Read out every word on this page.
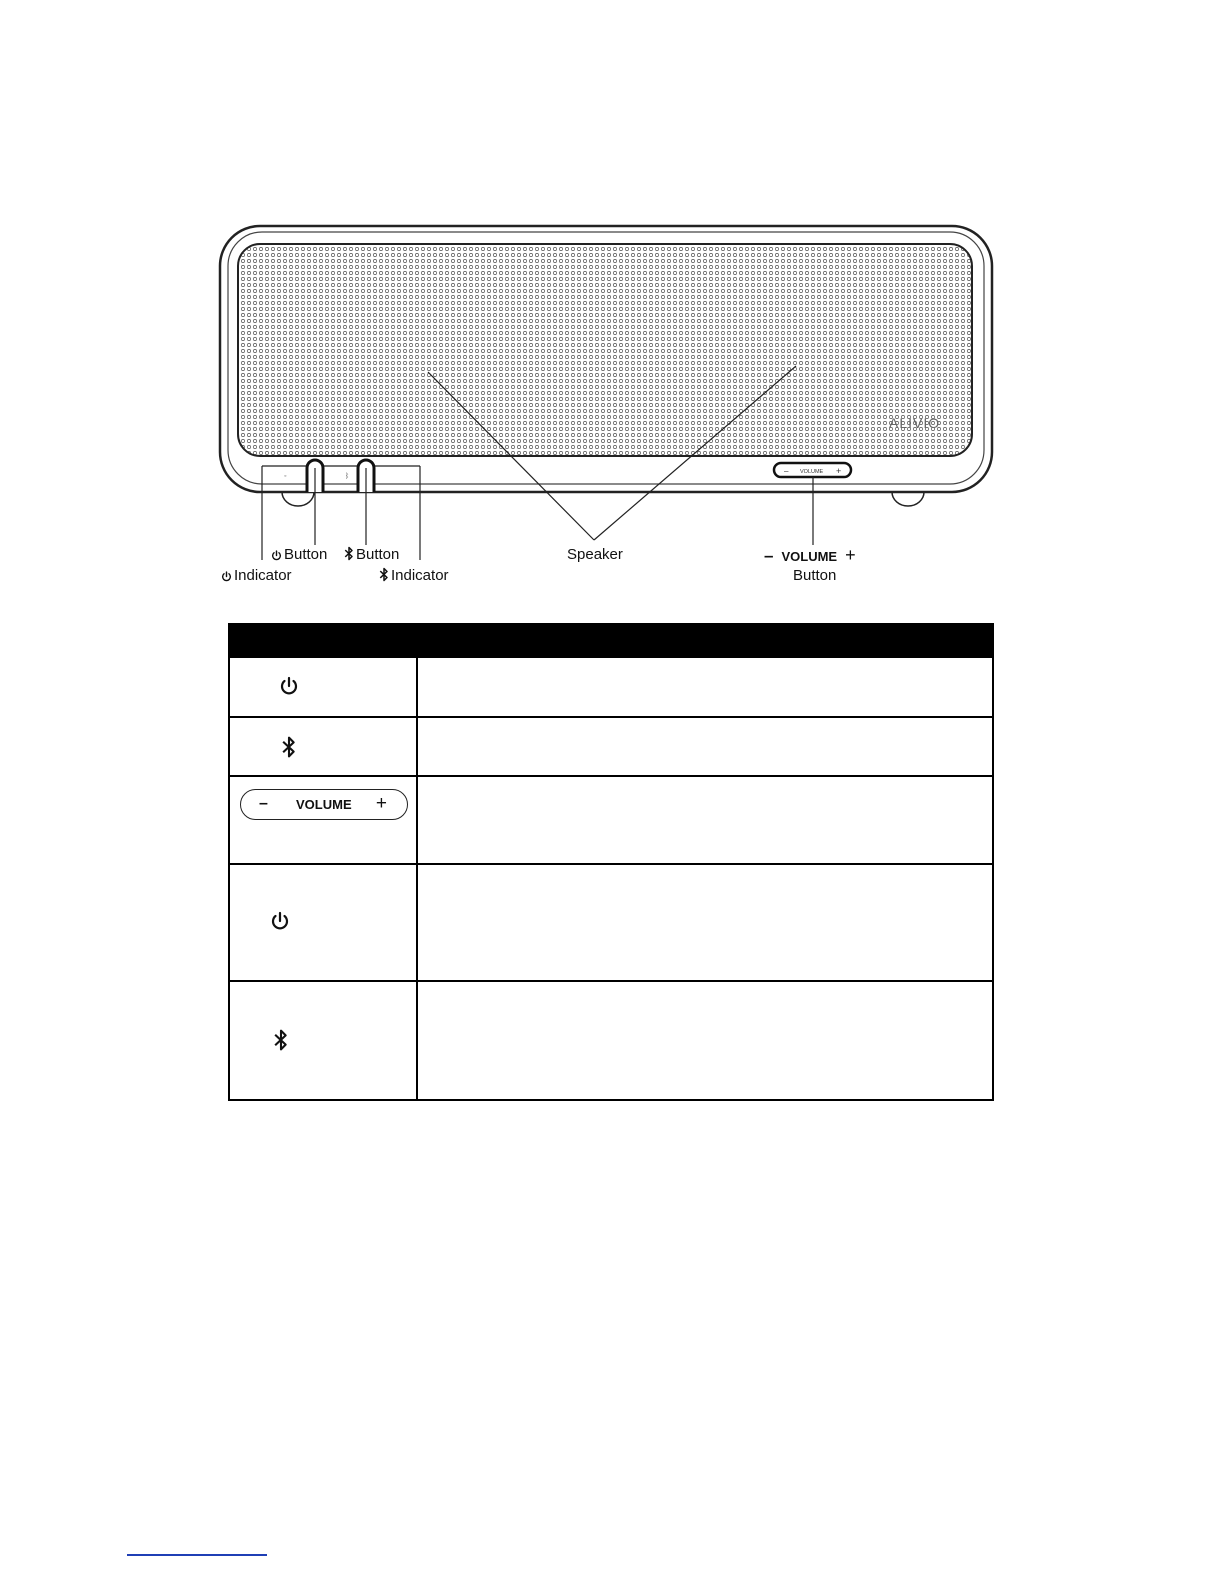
ALIVIO
◦	ᛒ
– VOLUME +
Button	Button	Speaker
Indicator	Indicator
– VOLUME +
Button

– VOLUME +	
